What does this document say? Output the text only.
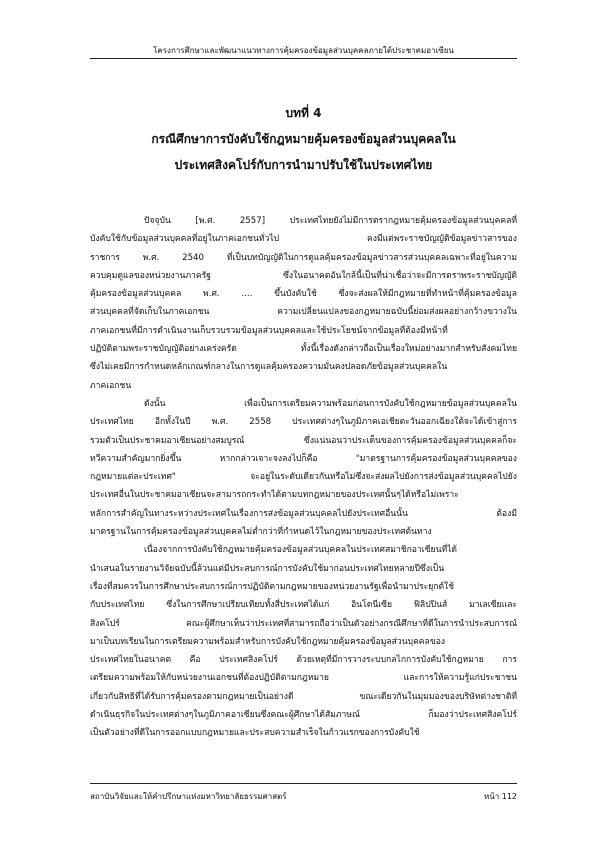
โครงการศึกษาและพัฒนาแนวทางการคุ้มครองข้อมูลส่วนบุคคลภายใต้ประชาคมอาเซียน
บทที่ 4
กรณีศึกษาการบังคับใช้กฎหมายคุ้มครองข้อมูลส่วนบุคคลใน
ประเทศสิงคโปร์กับการนำมาปรับใช้ในประเทศไทย
ปัจจุบัน [พ.ศ. 2557] ประเทศไทยยังไม่มีการตรากฎหมายคุ้มครองข้อมูลส่วนบุคคลที่
บังคับใช้กับข้อมูลส่วนบุคคลที่อยู่ในภาคเอกชนทั่วไป คงมีแต่พระราชบัญญัติข้อมูลข่าวสารของ
ราชการ พ.ศ. 2540 ที่เป็นบทบัญญัติในการดูแลคุ้มครองข้อมูลข่าวสารส่วนบุคคลเฉพาะที่อยู่ในความ
ควบคุมดูแลของหน่วยงานภาครัฐ ซึ่งในอนาคตอันใกล้นี้เป็นที่น่าเชื่อว่าจะมีการตราพระราชบัญญัติ
คุ้มครองข้อมูลส่วนบุคคล พ.ศ. .... ขึ้นบังคับใช้ ซึ่งจะส่งผลให้มีกฎหมายที่ทำหน้าที่คุ้มครองข้อมูล
ส่วนบุคคลที่จัดเก็บในภาคเอกชน ความเปลี่ยนแปลงของกฎหมายฉบับนี้ย่อมส่งผลอย่างกว้างขวางใน
ภาคเอกชนที่มีการดำเนินงานเก็บรวบรวมข้อมูลส่วนบุคคลและใช้ประโยชน์จากข้อมูลที่ต้องมีหน้าที่
ปฏิบัติตามพระราชบัญญัติอย่างเคร่งครัด ทั้งนี้เรื่องดังกล่าวถือเป็นเรื่องใหม่อย่างมากสำหรับสังคมไทย
ซึ่งไม่เคยมีการกำหนดหลักเกณฑ์กลางในการดูแลคุ้มครองความมั่นคงปลอดภัยข้อมูลส่วนบุคคลใน
ภาคเอกชน
ดังนั้น เพื่อเป็นการเตรียมความพร้อมก่อนการบังคับใช้กฎหมายข้อมูลส่วนบุคคลใน
ประเทศไทย อีกทั้งในปี พ.ศ. 2558 ประเทศต่างๆในภูมิภาคเอเชียตะวันออกเฉียงใต้จะได้เข้าสู่การ
รวมตัวเป็นประชาคมอาเซียนอย่างสมบูรณ์ ซึ่งแน่นอนว่าประเด็นของการคุ้มครองข้อมูลส่วนบุคคลก็จะ
ทวีความสำคัญมากยิ่งขึ้น หากกล่าวเจาะจงลงไปก็คือ "มาตรฐานการคุ้มครองข้อมูลส่วนบุคคลของ
กฎหมายแต่ละประเทศ" จะอยู่ในระดับเดียวกันหรือไม่ซึ่งจะส่งผลไปยังการส่งข้อมูลส่วนบุคคลไปยัง
ประเทศอื่นในประชาคมอาเซียนจะสามารถกระทำได้ตามบทกฎหมายของประเทศนั้นๆได้หรือไม่เพราะ
หลักการสำคัญในทางระหว่างประเทศในเรื่องการส่งข้อมูลส่วนบุคคลไปยังประเทศอื่นนั้น ต้องมี
มาตรฐานในการคุ้มครองข้อมูลส่วนบุคคลไม่ต่ำกว่าที่กำหนดไว้ในกฎหมายของประเทศต้นทาง
เนื่องจากการบังคับใช้กฎหมายคุ้มครองข้อมูลส่วนบุคคลในประเทศสมาชิกอาเซียนที่ได้
นำเสนอในรายงานวิจัยฉบับนี้ล้วนแต่มีประสบการณ์การบังคับใช้มาก่อนประเทศไทยหลายปีซึ่งเป็น
เรื่องที่สมควรในการศึกษาประสบการณ์การปฏิบัติตามกฎหมายของหน่วยงานรัฐเพื่อนำมาประยุกต์ใช้
กับประเทศไทย ซึ่งในการศึกษาเปรียบเทียบทั้งสี่ประเทศได้แก่ อินโดนีเซีย ฟิลิปปินส์ มาเลเซียและ
สิงคโปร์ คณะผู้ศึกษาเห็นว่าประเทศที่สามารถถือว่าเป็นตัวอย่างกรณีศึกษาที่ดีในการนำประสบการณ์
มาเป็นบทเรียนในการเตรียมความพร้อมสำหรับการบังคับใช้กฎหมายคุ้มครองข้อมูลส่วนบุคคลของ
ประเทศไทยในอนาคต คือ ประเทศสิงคโปร์ ด้วยเหตุที่มีการวางระบบกลไกการบังคับใช้กฎหมาย การ
เตรียมความพร้อมให้กับหน่วยงานเอกชนที่ต้องปฏิบัติตามกฎหมาย และการให้ความรู้แก่ประชาชน
เกี่ยวกับสิทธิที่ได้รับการคุ้มครองตามกฎหมายเป็นอย่างดี ขณะเดียวกันในมุมมองของบริษัทต่างชาติที่
ดำเนินธุรกิจในประเทศต่างๆในภูมิภาคอาเซียนซึ่งคณะผู้ศึกษาได้สัมภาษณ์ ก็มองว่าประเทศสิงคโปร์
เป็นตัวอย่างที่ดีในการออกแบบกฎหมายและประสบความสำเร็จในก้าวแรกของการบังคับใช้
สถาบันวิจัยและให้คำปรึกษาแห่งมหาวิทยาลัยธรรมศาสตร์	หน้า 112
